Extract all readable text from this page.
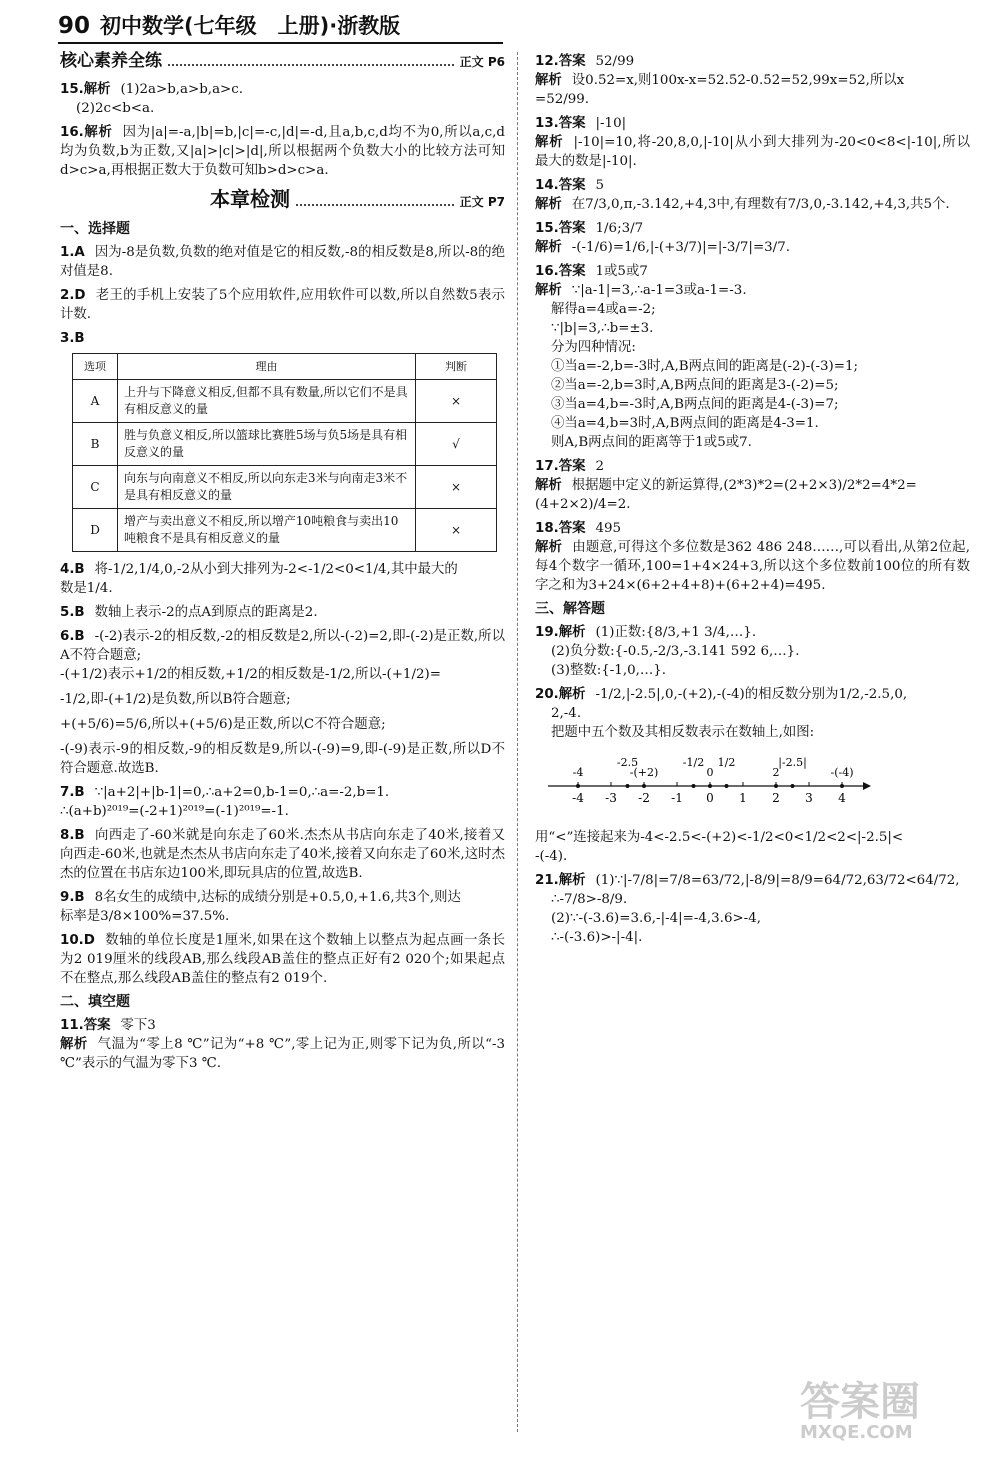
90 初中数学(七年级　上册)·浙教版
核心素养全练	正文 P6
15.解析 (1)2a>b,a>b,a>c.
(2)2c<b<a.
16.解析 因为|a|=-a,|b|=b,|c|=-c,|d|=-d,且a,b,c,d均不为0,所以a,c,d均为负数,b为正数,又|a|>|c|>|d|,所以根据两个负数大小的比较方法可知d>c>a,再根据正数大于负数可知b>d>c>a.
本章检测	正文 P7
一、选择题
1.A 因为-8是负数,负数的绝对值是它的相反数,-8的相反数是8,所以-8的绝对值是8.
2.D 老王的手机上安装了5个应用软件,应用软件可以数,所以自然数5表示计数.
3.B
选项	理由	判断
A	上升与下降意义相反,但都不具有数量,所以它们不是具有相反意义的量	×
B	胜与负意义相反,所以篮球比赛胜5场与负5场是具有相反意义的量	√
C	向东与向南意义不相反,所以向东走3米与向南走3米不是具有相反意义的量	×
D	增产与卖出意义不相反,所以增产10吨粮食与卖出10吨粮食不是具有相反意义的量	×
4.B 将-1/2,1/4,0,-2从小到大排列为-2<-1/2<0<1/4,其中最大的
数是1/4.
5.B 数轴上表示-2的点A到原点的距离是2.
6.B -(-2)表示-2的相反数,-2的相反数是2,所以-(-2)=2,即-(-2)是正数,所以A不符合题意;
-(+1/2)表示+1/2的相反数,+1/2的相反数是-1/2,所以-(+1/2)=
-1/2,即-(+1/2)是负数,所以B符合题意;
+(+5/6)=5/6,所以+(+5/6)是正数,所以C不符合题意;
-(-9)表示-9的相反数,-9的相反数是9,所以-(-9)=9,即-(-9)是正数,所以D不符合题意.故选B.
7.B ∵|a+2|+|b-1|=0,∴a+2=0,b-1=0,∴a=-2,b=1.
∴(a+b)²⁰¹⁹=(-2+1)²⁰¹⁹=(-1)²⁰¹⁹=-1.
8.B 向西走了-60米就是向东走了60米.杰杰从书店向东走了40米,接着又向西走-60米,也就是杰杰从书店向东走了40米,接着又向东走了60米,这时杰杰的位置在书店东边100米,即玩具店的位置,故选B.
9.B 8名女生的成绩中,达标的成绩分别是+0.5,0,+1.6,共3个,则达
标率是3/8×100%=37.5%.
10.D 数轴的单位长度是1厘米,如果在这个数轴上以整点为起点画一条长为2 019厘米的线段AB,那么线段AB盖住的整点正好有2 020个;如果起点不在整点,那么线段AB盖住的整点有2 019个.
二、填空题
11.答案 零下3
解析 气温为“零上8 ℃”记为“+8 ℃”,零上记为正,则零下记为负,所以“-3 ℃”表示的气温为零下3 ℃.
12.答案 52/99
解析 设0.5̇2̇=x,则100x-x=52.5̇2̇-0.5̇2̇=52,99x=52,所以x
=52/99.
13.答案 |-10|
解析 |-10|=10,将-20,8,0,|-10|从小到大排列为-20<0<8<|-10|,所以最大的数是|-10|.
14.答案 5
解析 在7/3,0,π,-3.142,+4,3中,有理数有7/3,0,-3.142,+4,3,共5个.
15.答案 1/6;3/7
解析 -(-1/6)=1/6,|-(+3/7)|=|-3/7|=3/7.
16.答案 1或5或7
解析 ∵|a-1|=3,∴a-1=3或a-1=-3.
解得a=4或a=-2;
∵|b|=3,∴b=±3.
分为四种情况:
①当a=-2,b=-3时,A,B两点间的距离是(-2)-(-3)=1;
②当a=-2,b=3时,A,B两点间的距离是3-(-2)=5;
③当a=4,b=-3时,A,B两点间的距离是4-(-3)=7;
④当a=4,b=3时,A,B两点间的距离是4-3=1.
则A,B两点间的距离等于1或5或7.
17.答案 2
解析 根据题中定义的新运算得,(2*3)*2=(2+2×3)/2*2=4*2=
(4+2×2)/4=2.
18.答案 495
解析 由题意,可得这个多位数是362 486 248……,可以看出,从第2位起,每4个数字一循环,100=1+4×24+3,所以这个多位数前100位的所有数字之和为3+24×(6+2+4+8)+(6+2+4)=495.
三、解答题
19.解析 (1)正数:{8/3,+1 3/4,…}.
(2)负分数:{-0.5,-2/3,-3.141 592 6,…}.
(3)整数:{-1,0,…}.
20.解析 -1/2,|-2.5|,0,-(+2),-(-4)的相反数分别为1/2,-2.5,0,
2,-4.
把题中五个数及其相反数表示在数轴上,如图:
-4 -3 -2 -1 0 1 2 3 4
-4
-2.5
-(+2)
-1/2
0
1/2
2
|-2.5|
-(-4)
用“<”连接起来为-4<-2.5<-(+2)<-1/2<0<1/2<2<|-2.5|<
-(-4).
21.解析 (1)∵|-7/8|=7/8=63/72,|-8/9|=8/9=64/72,63/72<64/72,
∴-7/8>-8/9.
(2)∵-(-3.6)=3.6,-|-4|=-4,3.6>-4,
∴-(-3.6)>-|-4|.
答案圈
MXQE.COM
